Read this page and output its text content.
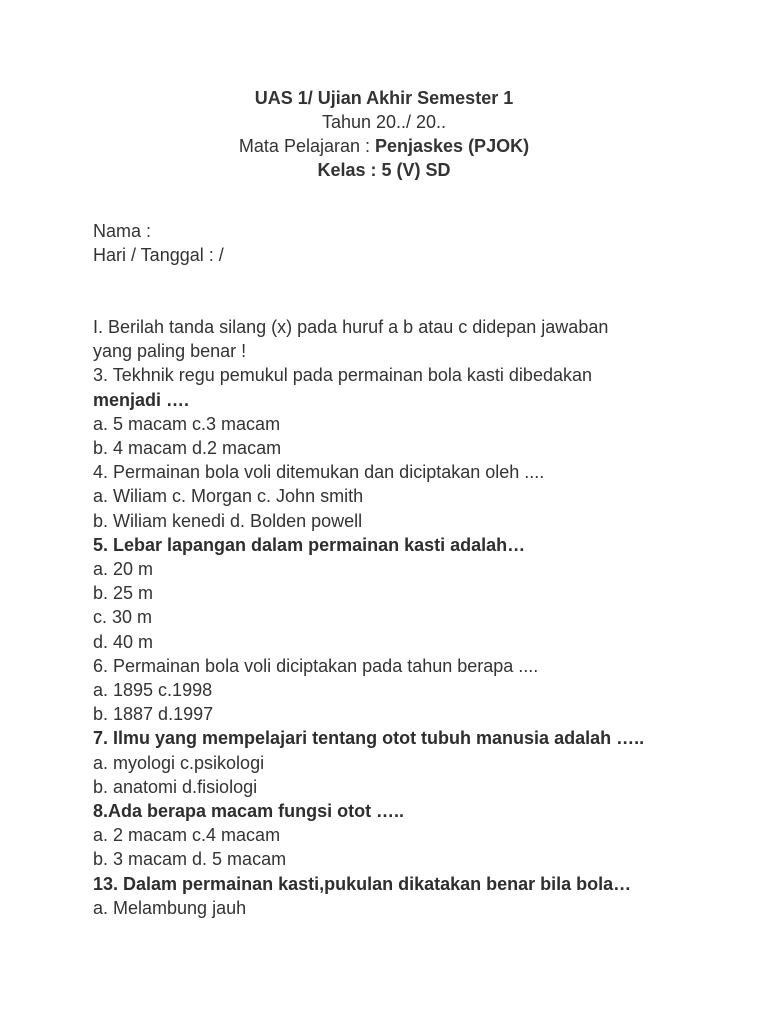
UAS 1/ Ujian Akhir Semester 1
Tahun 20../ 20..
Mata Pelajaran : Penjaskes (PJOK)
Kelas : 5 (V) SD
Nama :
Hari / Tanggal : /
I. Berilah tanda silang (x) pada huruf a b atau c didepan jawaban
yang paling benar !
3. Tekhnik regu pemukul pada permainan bola kasti dibedakan
menjadi ….
a. 5 macam c.3 macam
b. 4 macam d.2 macam
4. Permainan bola voli ditemukan dan diciptakan oleh ....
a. Wiliam c. Morgan c. John smith
b. Wiliam kenedi d. Bolden powell
5. Lebar lapangan dalam permainan kasti adalah…
a. 20 m
b. 25 m
c. 30 m
d. 40 m
6. Permainan bola voli diciptakan pada tahun berapa ....
a. 1895 c.1998
b. 1887 d.1997
7. Ilmu yang mempelajari tentang otot tubuh manusia adalah …..
a. myologi c.psikologi
b. anatomi d.fisiologi
8.Ada berapa macam fungsi otot …..
a. 2 macam c.4 macam
b. 3 macam d. 5 macam
13. Dalam permainan kasti,pukulan dikatakan benar bila bola…
a. Melambung jauh
